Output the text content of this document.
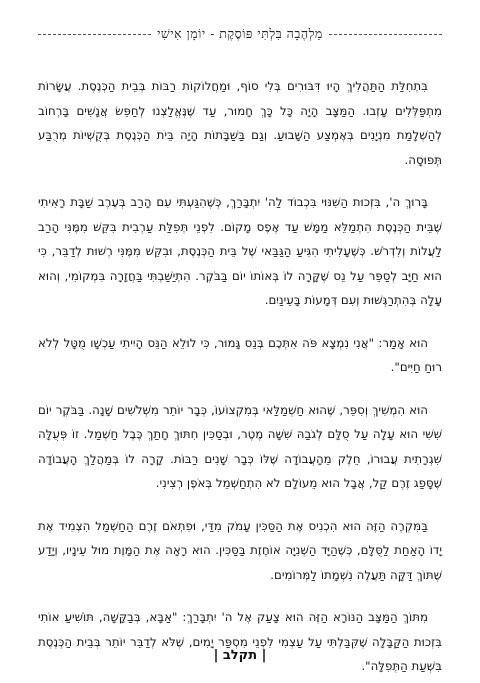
מַלְהֶבָה בִּלְתִּי פּוֹסֶקֶת - יוֹמָן אִישִׁי

בִּתְחִלַּת הַתַּהֲלִיךְ הָיוּ דִּבּוּרִים בְּלִי סוֹף, וּמַחֲלוֹקוֹת רַבּוֹת בְּבֵית הַכְּנֶסֶת. עֲשָׂרוֹת מִתְפַּלְּלִים עָזְבוּ. הַמַּצָּב הָיָה כָּל כָּךְ חָמוּר, עַד שֶׁנֶּאֱלַצְנוּ לְחַפֵּשׂ אֲנָשִׁים בָּרְחוֹב לְהַשְׁלָמַת מִנְיָנִים בְּאֶמְצַע הַשָּׁבוּעַ. וְגַם בַּשַּׁבָּתוֹת הָיָה בֵּית הַכְּנֶסֶת בְּקֻשְׁיוֹת מְרֻבַּע תְּפוּסָה.

בָּרוּךְ ה', בִּזְכוּת הַשִּׁנּוּי בִּכְבוֹד לַה' יִתְבָּרַךְ, כְּשֶׁהִגַּעְתִּי עִם הָרַב בְּעֶרֶב שַׁבָּת רָאִיתִי שֶׁבֵּית הַכְּנֶסֶת הִתְמַלֵּא מַמָּשׁ עַד אֶפֶס מָקוֹם. לִפְנֵי תְּפִלַּת עַרְבִית בִּקֵּשׁ מִמֶּנִּי הָרַב לַעֲלוֹת וְלִדְרֹשׁ. כְּשֶׁעָלִיתִי הִגִּיעַ הַגַּבַּאי שֶׁל בֵּית הַכְּנֶסֶת, וּבִקֵּשׁ מִמֶּנִּי רְשׁוּת לְדַבֵּר, כִּי הוּא חַיָּב לְסַפֵּר עַל נֵס שֶׁקָּרָה לוֹ בְּאוֹתוֹ יוֹם בַּבֹּקֶר. הִתְיַשַּׁבְתִּי בַּחֲזָרָה בִּמְקוֹמִי, וְהוּא עָלָה בְּהִתְרַגְּשׁוּת וְעִם דְּמָעוֹת בָּעֵינַיִם.

הוּא אָמַר: "אֲנִי נִמְצָא פֹּה אִתְּכֶם בְּנֵס גָּמוּר, כִּי לוּלֵא הַנֵּס הָיִיתִי עַכְשָׁו מֻטָּל לְלֹא רוּחַ חַיִּים".

הוּא הִמְשִׁיךְ וְסִפֵּר, שֶׁהוּא חַשְׁמַלַּאי בְּמִקְצוֹעוֹ, כְּבָר יוֹתֵר מִשְּׁלֹשִׁים שָׁנָה. בַּבֹּקֶר יוֹם שִׁשִּׁי הוּא עָלָה עַל סֻלָּם לְגֹבַהּ שִׁשָּׁה מֶטֶר, וּבְסַכִּין חִתּוּךְ חָתַךְ כֶּבֶל חַשְׁמַל. זוֹ פְּעֻלָּה שִׁגְרָתִית עֲבוּרוֹ, חֵלֶק מֵהָעֲבוֹדָה שֶׁלּוֹ כְּבָר שָׁנִים רַבּוֹת. קָרָה לוֹ בְּמַהֲלַךְ הָעֲבוֹדָה שֶׁסָּפַג זֶרֶם קַל, אֲבָל הוּא מֵעוֹלָם לֹא הִתְחַשְׁמֵל בְּאֹפֶן רְצִינִי.

בַּמִּקְרֶה הַזֶּה הוּא הִכְנִיס אֶת הַסַּכִּין עָמֹק מִדַּי, וּפִתְאֹם זֶרֶם הַחַשְׁמַל הִצְמִיד אֶת יָדוֹ הָאַחַת לַסֻּלָּם, כְּשֶׁהַיָּד הַשְּׁנִיָּה אוֹחֶזֶת בַּסַּכִּין. הוּא רָאָה אֶת הַמָּוֶת מוּל עֵינָיו, וְיָדַע שֶׁתּוֹךְ דַּקָּה תַּעֲלֶה נִשְׁמָתוֹ לַמְּרוֹמִים.

מִתּוֹךְ הַמַּצָּב הַנּוֹרָא הַזֶּה הוּא צָעַק אֶל ה' יִתְבָּרַךְ: "אַבָּא, בְּבַקָּשָׁה, תּוֹשִׁיעַ אוֹתִי בִּזְכוּת הַקַּבָּלָה שֶׁקִּבַּלְתִּי עַל עַצְמִי לִפְנֵי מִסְפַּר יָמִים, שֶׁלֹּא לְדַבֵּר יוֹתֵר בְּבֵית הַכְּנֶסֶת בִּשְׁעַת הַתְּפִלָּה".

| תקלב |
